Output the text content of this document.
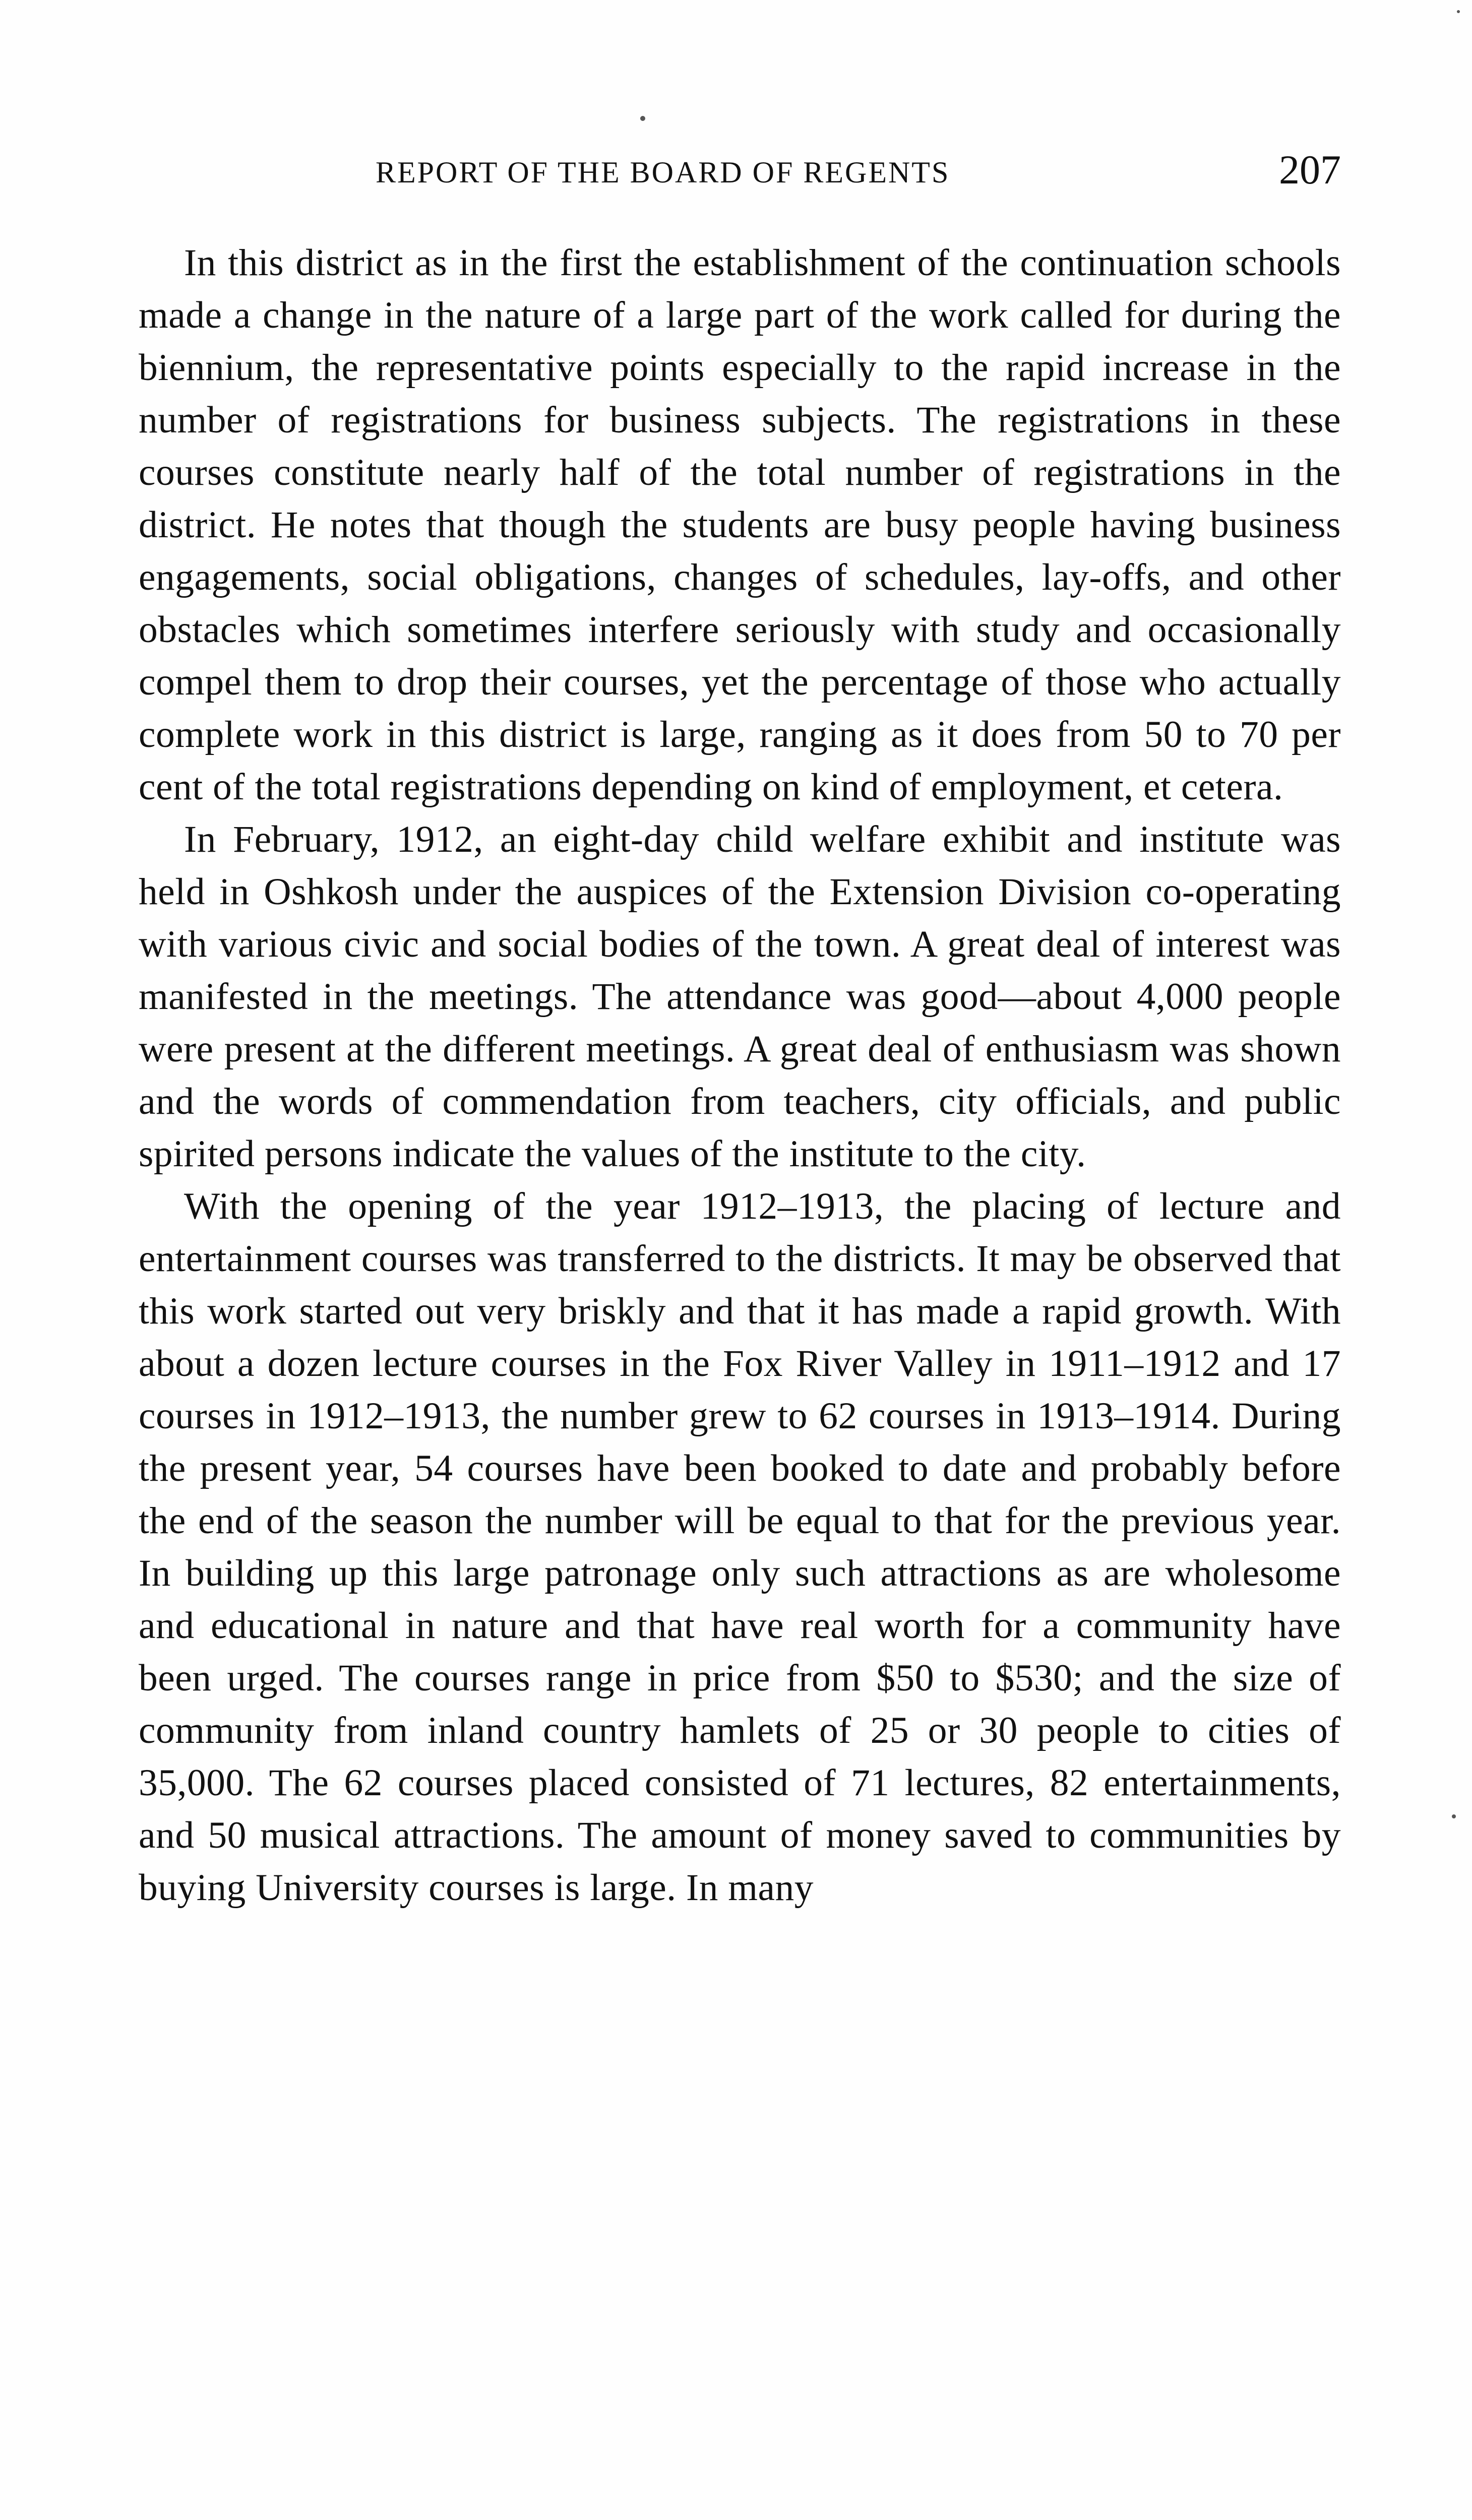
REPORT OF THE BOARD OF REGENTS	207

In this district as in the first the establishment of the continuation schools made a change in the nature of a large part of the work called for during the biennium, the representative points especially to the rapid increase in the number of registrations for business subjects. The registrations in these courses constitute nearly half of the total number of registrations in the district. He notes that though the students are busy people having business engagements, social obligations, changes of schedules, lay-offs, and other obstacles which sometimes interfere seriously with study and occasionally compel them to drop their courses, yet the percentage of those who actually complete work in this district is large, ranging as it does from 50 to 70 per cent of the total registrations depending on kind of employment, et cetera.

In February, 1912, an eight-day child welfare exhibit and institute was held in Oshkosh under the auspices of the Extension Division co-operating with various civic and social bodies of the town. A great deal of interest was manifested in the meetings. The attendance was good—about 4,000 people were present at the different meetings. A great deal of enthusiasm was shown and the words of commendation from teachers, city officials, and public spirited persons indicate the values of the institute to the city.

With the opening of the year 1912–1913, the placing of lecture and entertainment courses was transferred to the districts. It may be observed that this work started out very briskly and that it has made a rapid growth. With about a dozen lecture courses in the Fox River Valley in 1911–1912 and 17 courses in 1912–1913, the number grew to 62 courses in 1913–1914. During the present year, 54 courses have been booked to date and probably before the end of the season the number will be equal to that for the previous year. In building up this large patronage only such attractions as are wholesome and educational in nature and that have real worth for a community have been urged. The courses range in price from $50 to $530; and the size of community from inland country hamlets of 25 or 30 people to cities of 35,000. The 62 courses placed consisted of 71 lectures, 82 entertainments, and 50 musical attractions. The amount of money saved to communities by buying University courses is large. In many
